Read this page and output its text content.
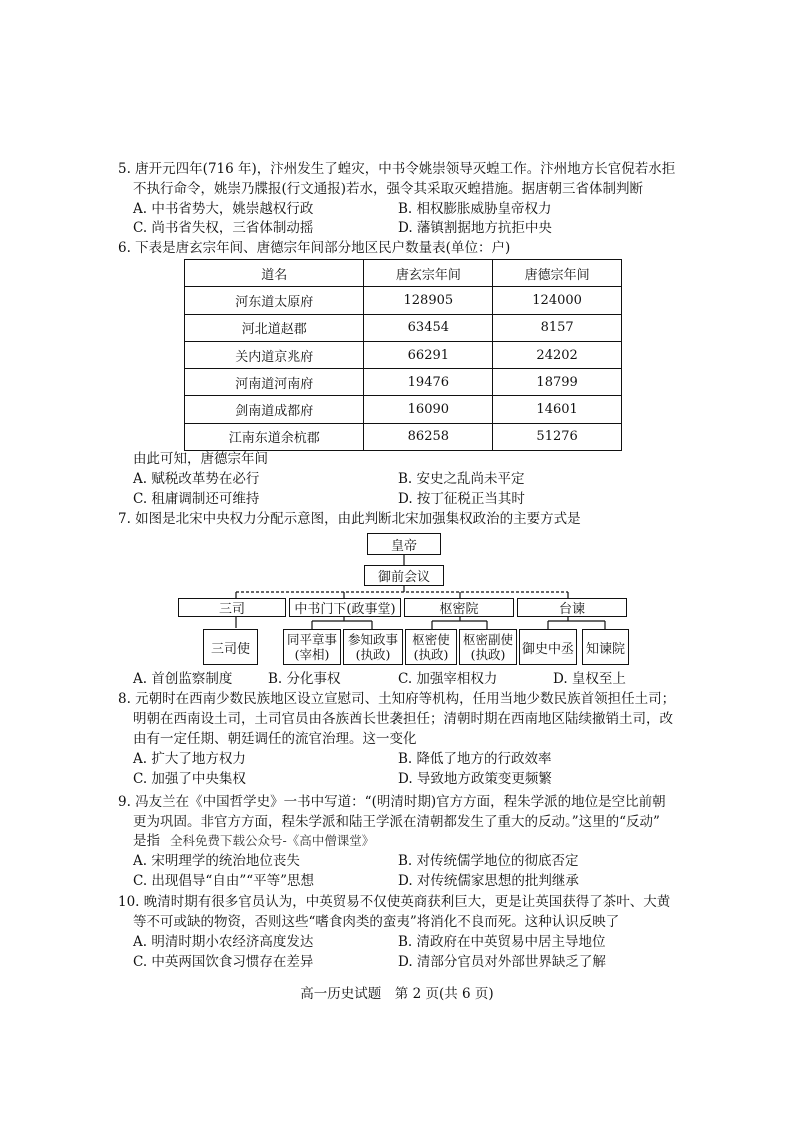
5. 唐开元四年(716 年)，汴州发生了蝗灾，中书令姚崇领导灭蝗工作。汴州地方长官倪若水拒
不执行命令，姚崇乃牒报(行文通报)若水，强令其采取灭蝗措施。据唐朝三省体制判断
A. 中书省势大，姚崇越权行政	B. 相权膨胀威胁皇帝权力
C. 尚书省失权，三省体制动摇	D. 藩镇割据地方抗拒中央
6. 下表是唐玄宗年间、唐德宗年间部分地区民户数量表(单位：户)
道名	唐玄宗年间	唐德宗年间
河东道太原府	128905	124000
河北道赵郡	63454	8157
关内道京兆府	66291	24202
河南道河南府	19476	18799
剑南道成都府	16090	14601
江南东道余杭郡	86258	51276
由此可知，唐德宗年间
A. 赋税改革势在必行	B. 安史之乱尚未平定
C. 租庸调制还可维持	D. 按丁征税正当其时
7. 如图是北宋中央权力分配示意图，由此判断北宋加强集权政治的主要方式是
皇帝
御前会议
三司	中书门下(政事堂)	枢密院	台谏
三司使
同平章事
(宰相)
参知政事
(执政)
枢密使
(执政)
枢密副使
(执政) 御史中丞 知谏院
A. 首创监察制度	B. 分化事权	C. 加强宰相权力	D. 皇权至上
8. 元朝时在西南少数民族地区设立宣慰司、土知府等机构，任用当地少数民族首领担任土司；
明朝在西南设土司，土司官员由各族酋长世袭担任；清朝时期在西南地区陆续撤销土司，改
由有一定任期、朝廷调任的流官治理。这一变化
A. 扩大了地方权力	B. 降低了地方的行政效率
C. 加强了中央集权	D. 导致地方政策变更频繁
9. 冯友兰在《中国哲学史》一书中写道：“(明清时期)官方方面，程朱学派的地位是空比前朝
更为巩固。非官方方面，程朱学派和陆王学派在清朝都发生了重大的反动。”这里的“反动”
是指 全科免费下载公众号-《高中僧课堂》
A. 宋明理学的统治地位丧失	B. 对传统儒学地位的彻底否定
C. 出现倡导“自由”“平等”思想	D. 对传统儒家思想的批判继承
10. 晚清时期有很多官员认为，中英贸易不仅使英商获利巨大，更是让英国获得了茶叶、大黄
等不可或缺的物资，否则这些“嗜食肉类的蛮夷”将消化不良而死。这种认识反映了
A. 明清时期小农经济高度发达	B. 清政府在中英贸易中居主导地位
C. 中英两国饮食习惯存在差异	D. 清部分官员对外部世界缺乏了解
高一历史试题　第 2 页(共 6 页)
